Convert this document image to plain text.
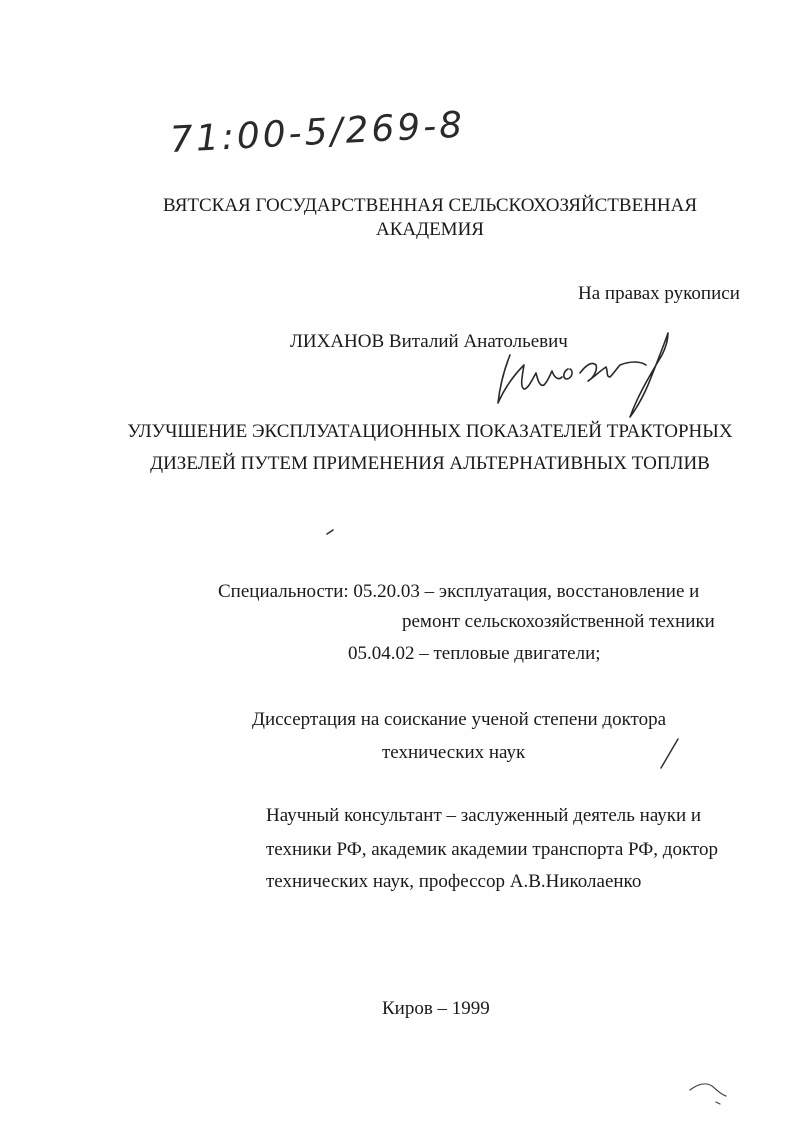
71:00-5/269-8
ВЯТСКАЯ ГОСУДАРСТВЕННАЯ СЕЛЬСКОХОЗЯЙСТВЕННАЯ
АКАДЕМИЯ
На правах рукописи
ЛИХАНОВ Виталий Анатольевич
УЛУЧШЕНИЕ ЭКСПЛУАТАЦИОННЫХ ПОКАЗАТЕЛЕЙ ТРАКТОРНЫХ
ДИЗЕЛЕЙ ПУТЕМ ПРИМЕНЕНИЯ АЛЬТЕРНАТИВНЫХ ТОПЛИВ
Специальности: 05.20.03 – эксплуатация, восстановление и
ремонт сельскохозяйственной техники
05.04.02 – тепловые двигатели;
Диссертация на соискание ученой степени доктора
технических наук
Научный консультант – заслуженный деятель науки и
техники РФ, академик академии транспорта РФ, доктор
технических наук, профессор А.В.Николаенко
Киров – 1999
